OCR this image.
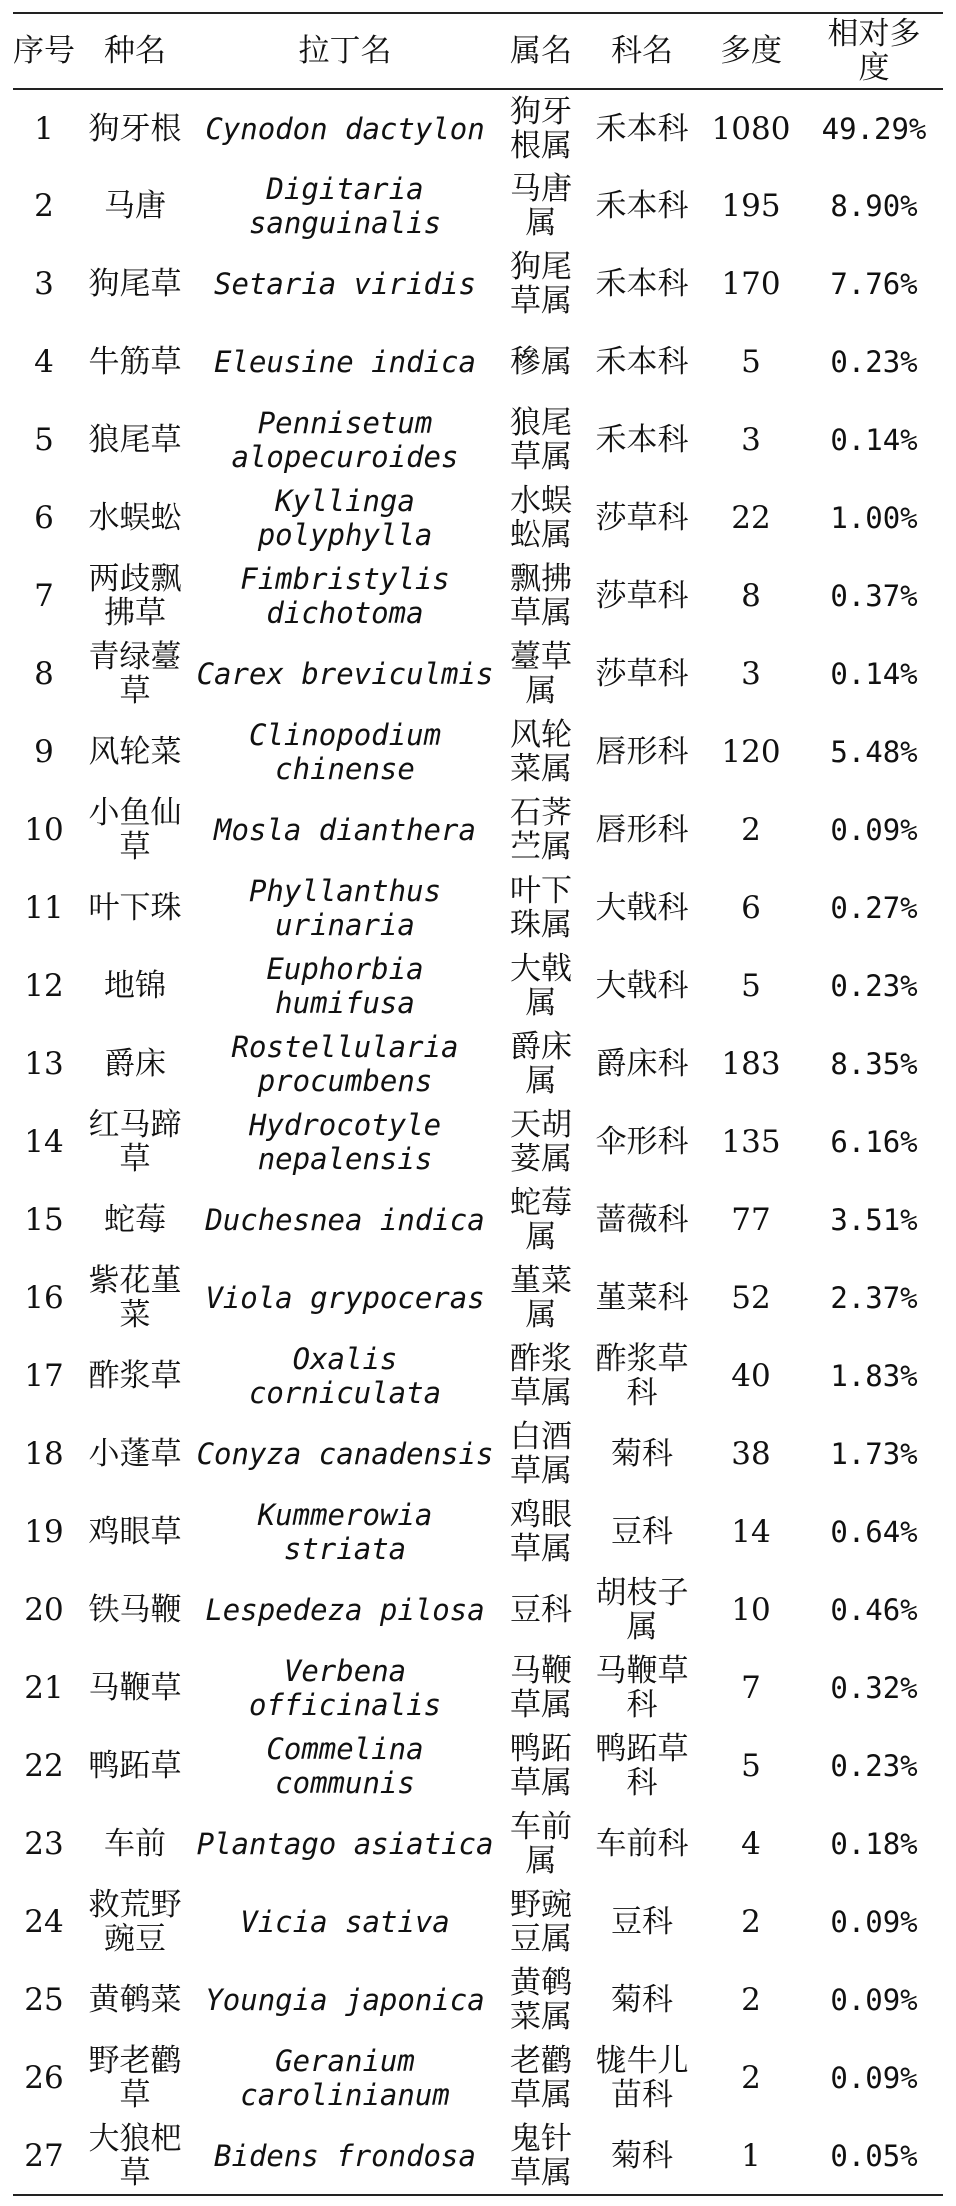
序号	种名	拉丁名	属名	科名	多度	相对多度
1	狗牙根	Cynodon dactylon	狗牙根属	禾本科	1080	49.29%
2	马唐	Digitaria sanguinalis	马唐属	禾本科	195	8.90%
3	狗尾草	Setaria viridis	狗尾草属	禾本科	170	7.76%
4	牛筋草	Eleusine indica	穇属	禾本科	5	0.23%
5	狼尾草	Pennisetum alopecuroides	狼尾草属	禾本科	3	0.14%
6	水蜈蚣	Kyllinga polyphylla	水蜈蚣属	莎草科	22	1.00%
7	两歧飘拂草	Fimbristylis dichotoma	飘拂草属	莎草科	8	0.37%
8	青绿薹草	Carex breviculmis	薹草属	莎草科	3	0.14%
9	风轮菜	Clinopodium chinense	风轮菜属	唇形科	120	5.48%
10	小鱼仙草	Mosla dianthera	石荠苎属	唇形科	2	0.09%
11	叶下珠	Phyllanthus urinaria	叶下珠属	大戟科	6	0.27%
12	地锦	Euphorbia humifusa	大戟属	大戟科	5	0.23%
13	爵床	Rostellularia procumbens	爵床属	爵床科	183	8.35%
14	红马蹄草	Hydrocotyle nepalensis	天胡荽属	伞形科	135	6.16%
15	蛇莓	Duchesnea indica	蛇莓属	蔷薇科	77	3.51%
16	紫花堇菜	Viola grypoceras	堇菜属	堇菜科	52	2.37%
17	酢浆草	Oxalis corniculata	酢浆草属	酢浆草科	40	1.83%
18	小蓬草	Conyza canadensis	白酒草属	菊科	38	1.73%
19	鸡眼草	Kummerowia striata	鸡眼草属	豆科	14	0.64%
20	铁马鞭	Lespedeza pilosa	豆科	胡枝子属	10	0.46%
21	马鞭草	Verbena officinalis	马鞭草属	马鞭草科	7	0.32%
22	鸭跖草	Commelina communis	鸭跖草属	鸭跖草科	5	0.23%
23	车前	Plantago asiatica	车前属	车前科	4	0.18%
24	救荒野豌豆	Vicia sativa	野豌豆属	豆科	2	0.09%
25	黄鹌菜	Youngia japonica	黄鹌菜属	菊科	2	0.09%
26	野老鹳草	Geranium carolinianum	老鹳草属	牻牛儿苗科	2	0.09%
27	大狼杷草	Bidens frondosa	鬼针草属	菊科	1	0.05%
